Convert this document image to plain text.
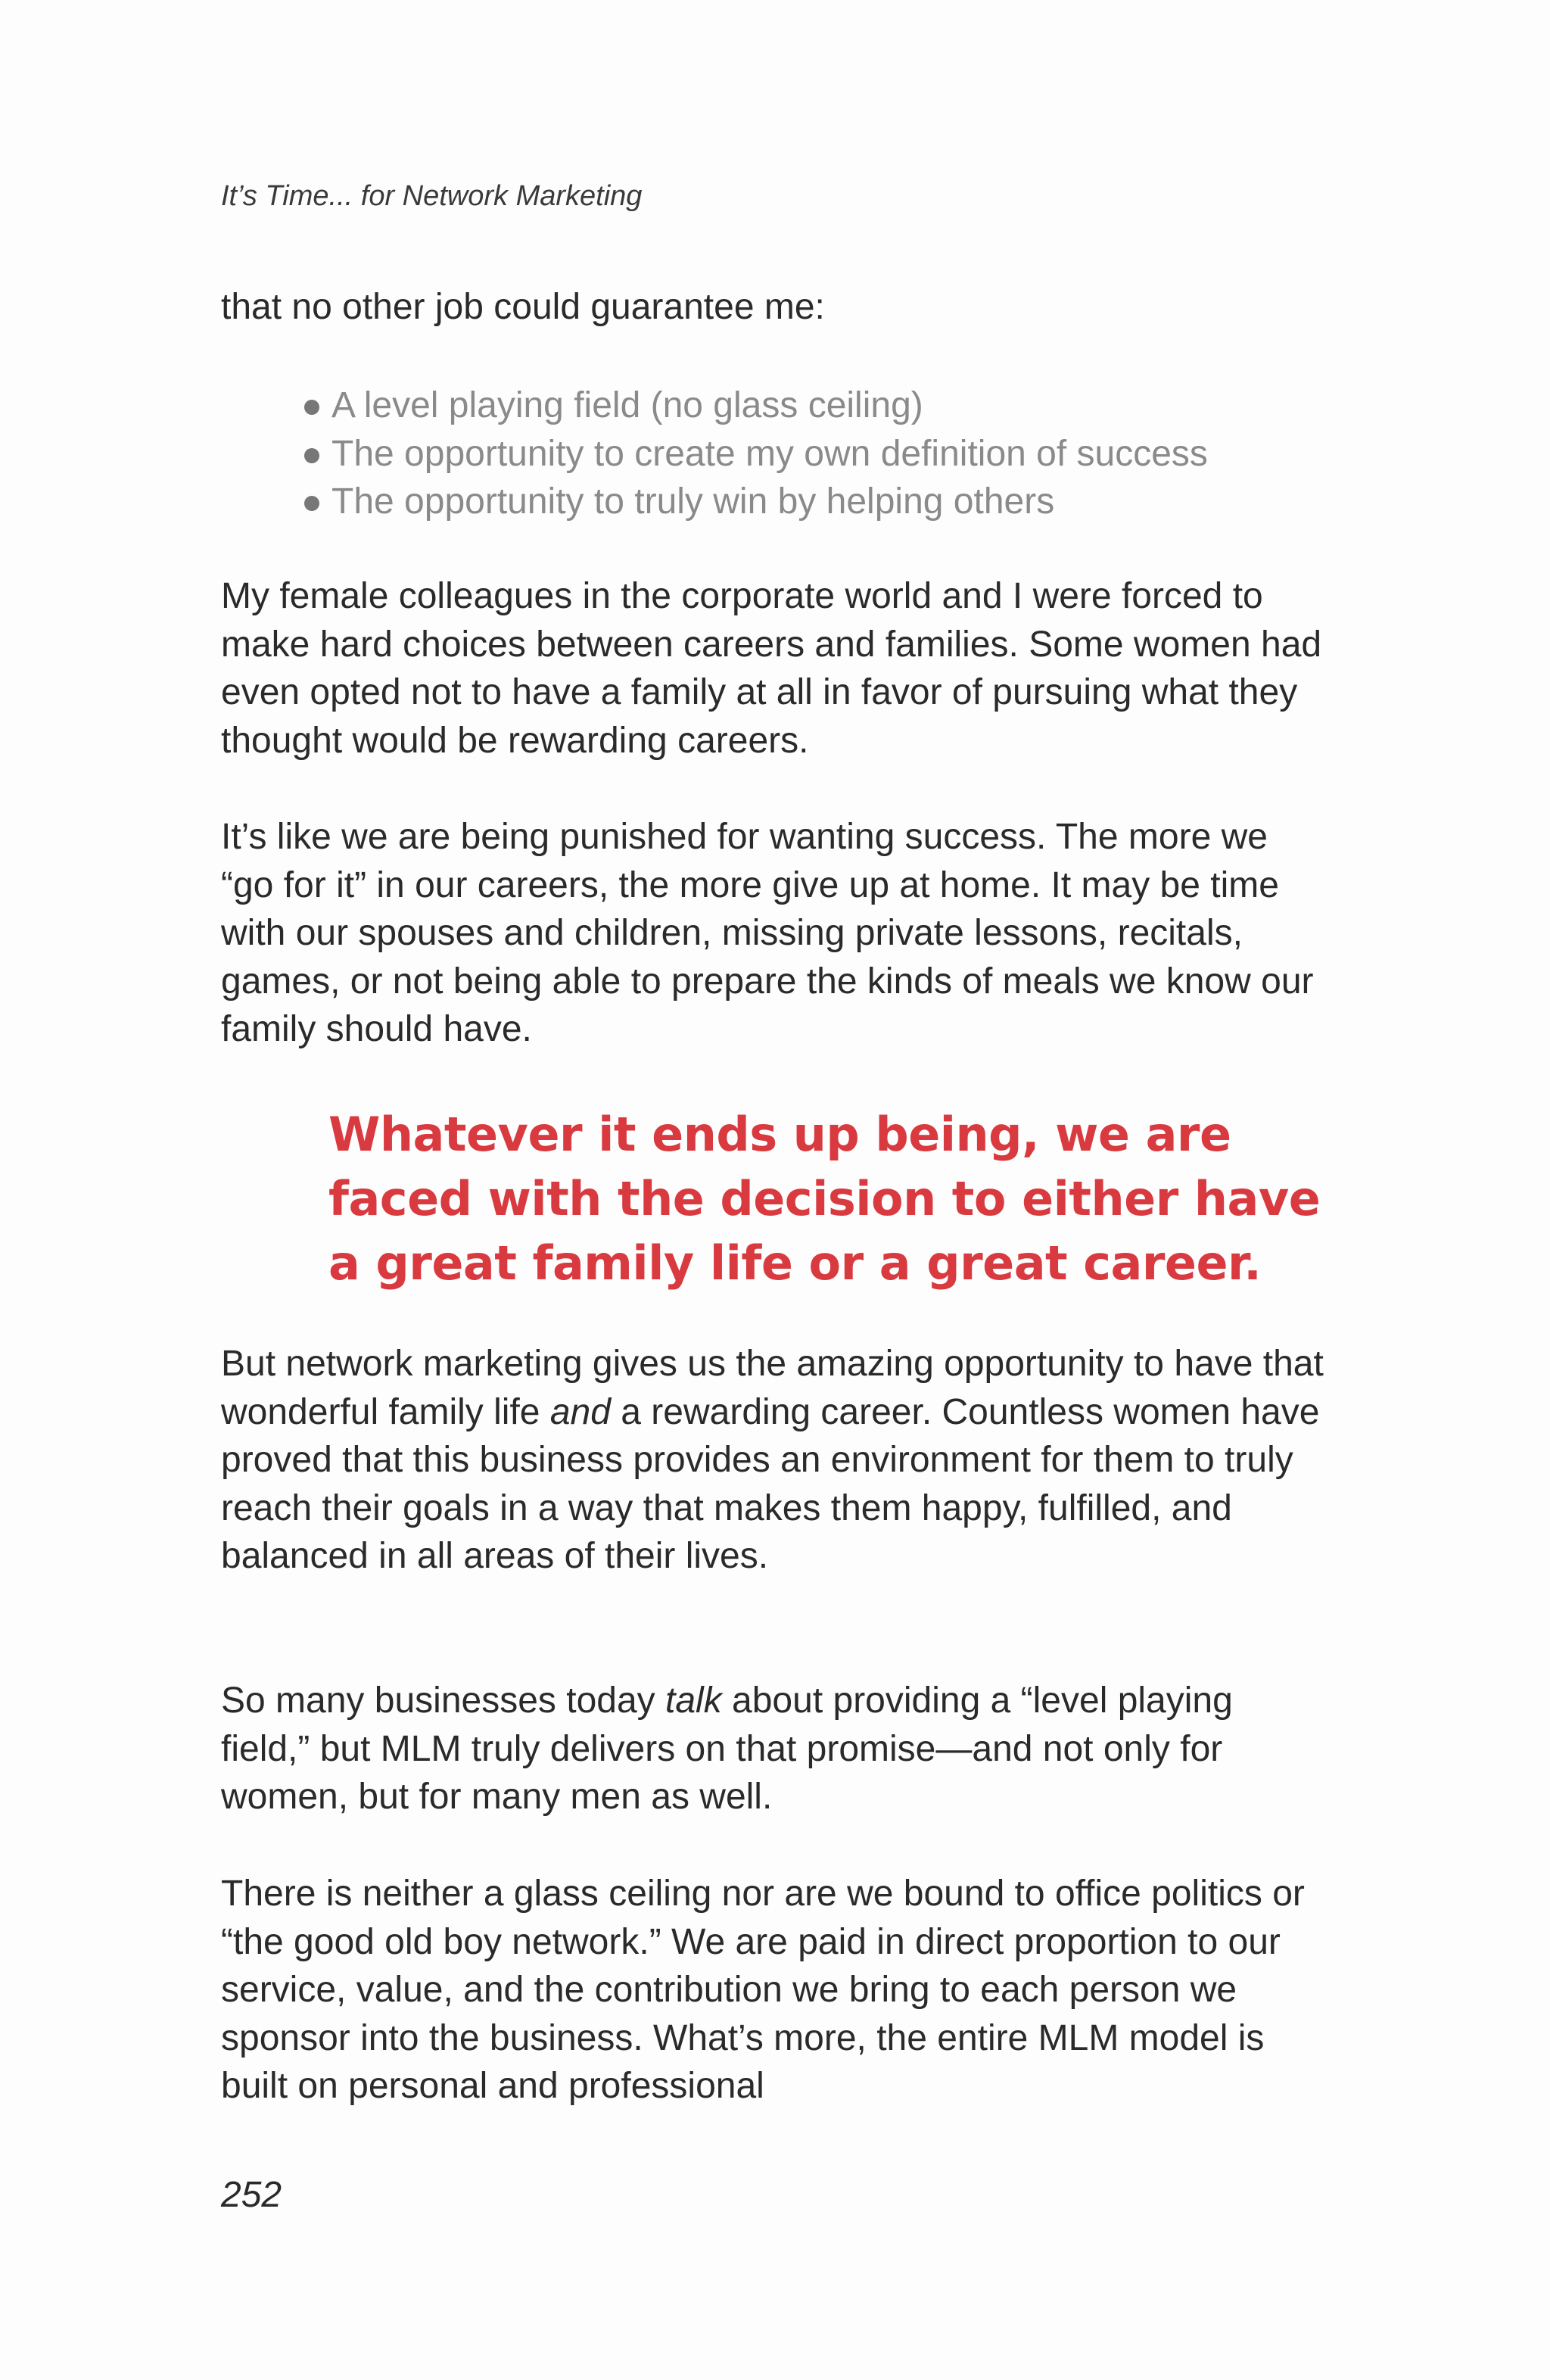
It’s Time... for Network Marketing
that no other job could guarantee me:
A level playing field (no glass ceiling)
The opportunity to create my own definition of success
The opportunity to truly win by helping others
My female colleagues in the corporate world and I were forced to make hard choices between careers and families. Some women had even opted not to have a family at all in favor of pursuing what they thought would be rewarding careers.
It’s like we are being punished for wanting success. The more we “go for it” in our careers, the more give up at home. It may be time with our spouses and children, missing private lessons, recitals, games, or not being able to prepare the kinds of meals we know our family should have.
Whatever it ends up being, we are faced with the decision to either have a great family life or a great career.
But network marketing gives us the amazing opportunity to have that wonderful family life and a rewarding career. Countless women have proved that this business provides an environment for them to truly reach their goals in a way that makes them happy, fulfilled, and balanced in all areas of their lives.
So many businesses today talk about providing a “level playing field,” but MLM truly delivers on that promise—and not only for women, but for many men as well.
There is neither a glass ceiling nor are we bound to office politics or “the good old boy network.” We are paid in direct proportion to our service, value, and the contribution we bring to each person we sponsor into the business. What’s more, the entire MLM model is built on personal and professional
252
